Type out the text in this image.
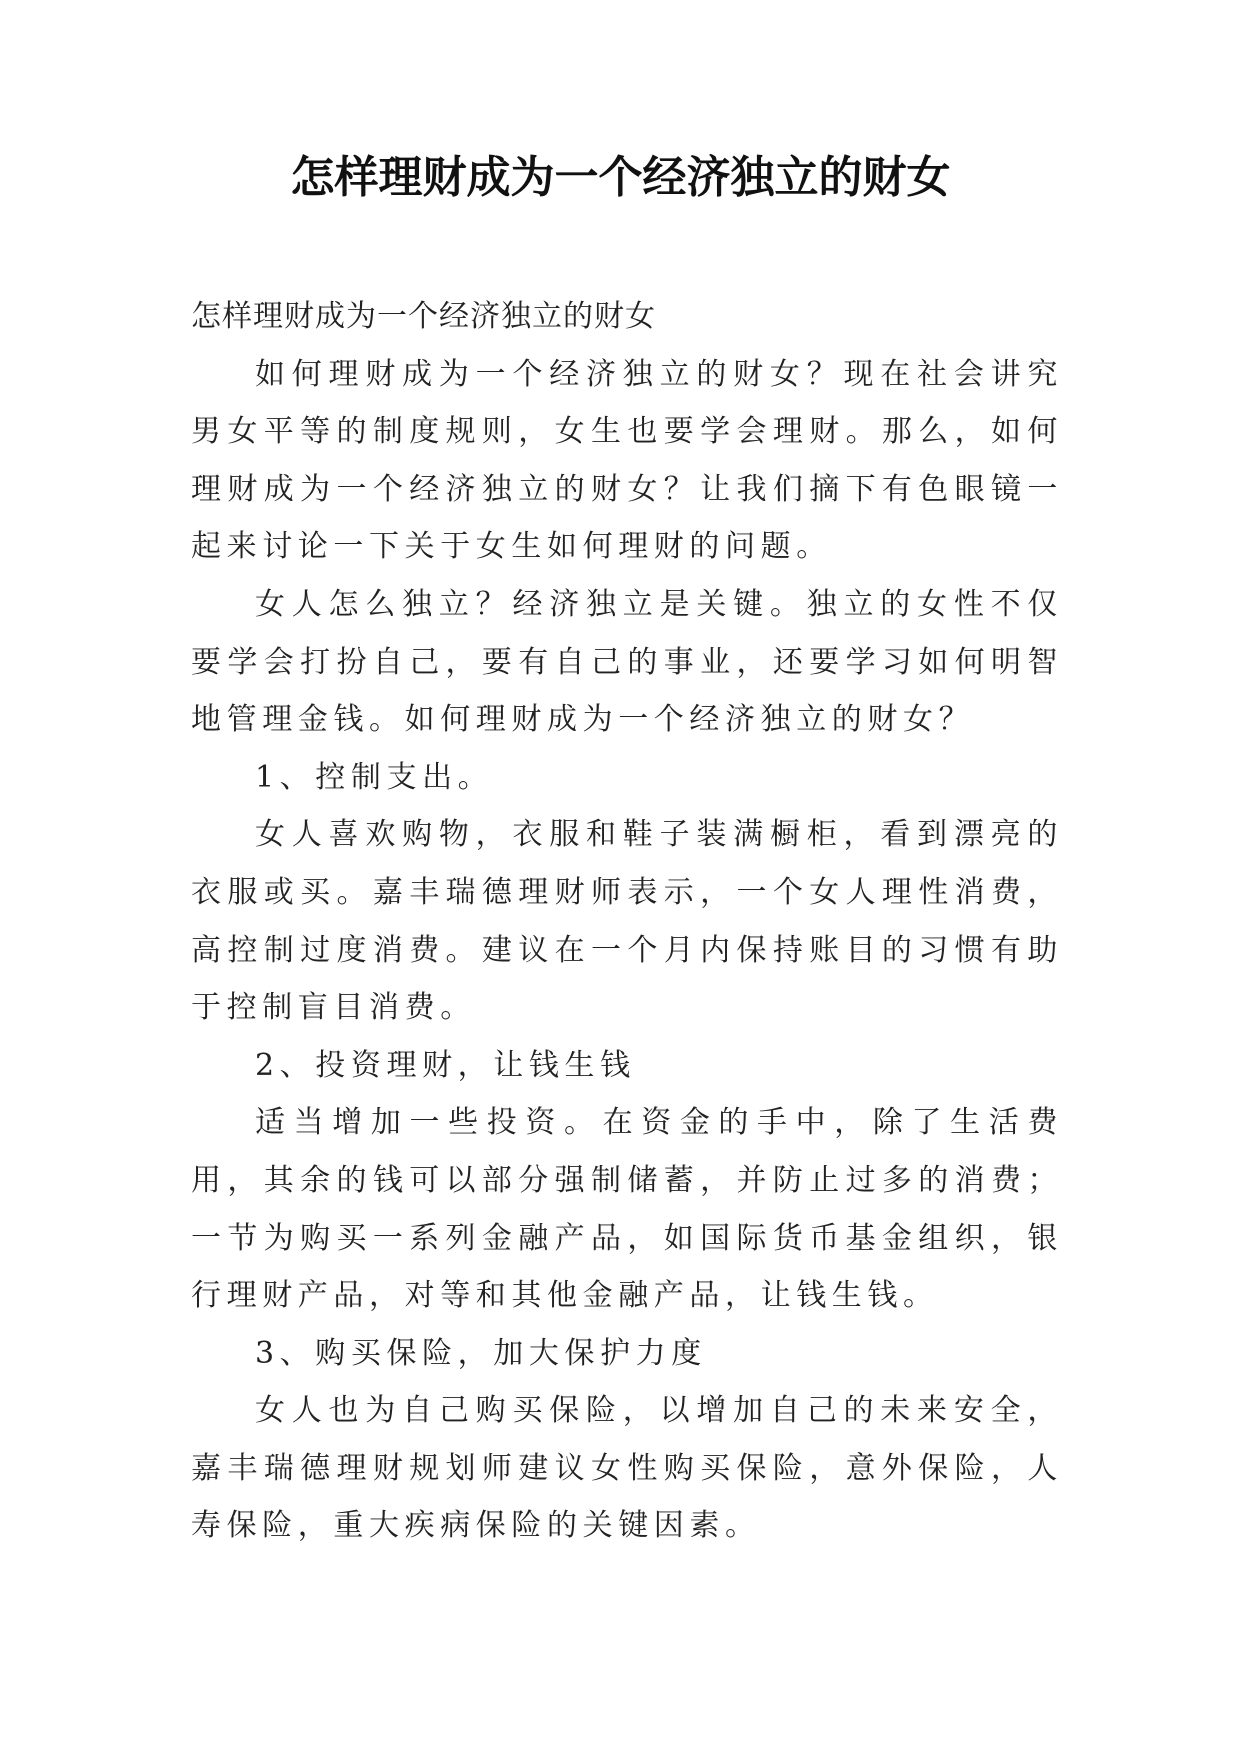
怎样理财成为一个经济独立的财女

怎样理财成为一个经济独立的财女

如何理财成为一个经济独立的财女？现在社会讲究男女平等的制度规则，女生也要学会理财。那么，如何理财成为一个经济独立的财女？让我们摘下有色眼镜一起来讨论一下关于女生如何理财的问题。

女人怎么独立？经济独立是关键。独立的女性不仅要学会打扮自己，要有自己的事业，还要学习如何明智地管理金钱。如何理财成为一个经济独立的财女？

1、控制支出。

女人喜欢购物，衣服和鞋子装满橱柜，看到漂亮的衣服或买。嘉丰瑞德理财师表示，一个女人理性消费，高控制过度消费。建议在一个月内保持账目的习惯有助于控制盲目消费。

2、投资理财，让钱生钱

适当增加一些投资。在资金的手中，除了生活费用，其余的钱可以部分强制储蓄，并防止过多的消费；一节为购买一系列金融产品，如国际货币基金组织，银行理财产品，对等和其他金融产品，让钱生钱。

3、购买保险，加大保护力度

女人也为自己购买保险，以增加自己的未来安全，嘉丰瑞德理财规划师建议女性购买保险，意外保险，人寿保险，重大疾病保险的关键因素。
